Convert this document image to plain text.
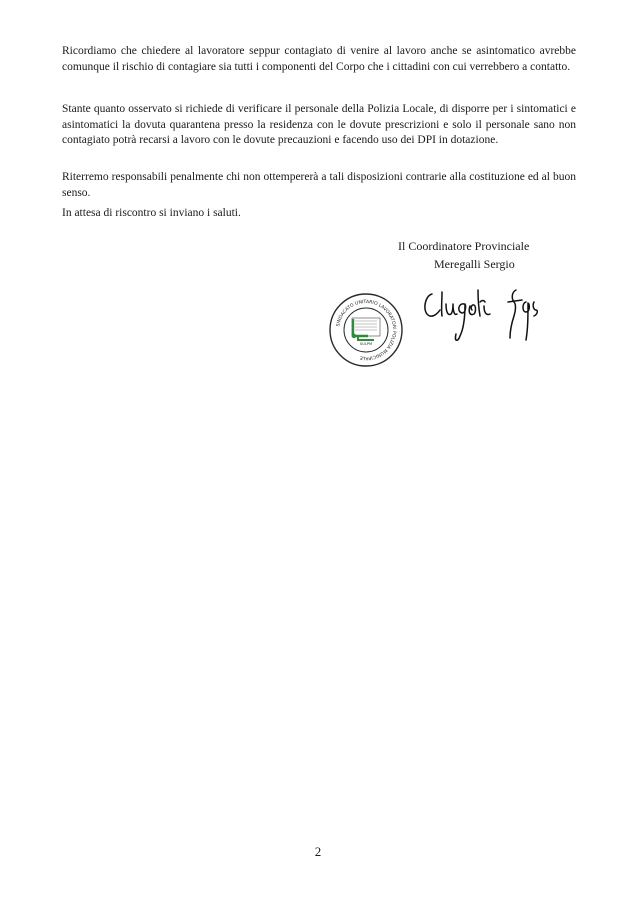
Ricordiamo che chiedere al lavoratore seppur contagiato di venire al lavoro anche se asintomatico avrebbe comunque il rischio di contagiare sia tutti i componenti del Corpo che i cittadini con cui verrebbero a contatto.

Stante quanto osservato si richiede di verificare il personale della Polizia Locale, di disporre per i sintomatici e asintomatici la dovuta quarantena presso la residenza con le dovute prescrizioni e solo il personale sano non contagiato potrà recarsi a lavoro con le dovute precauzioni e facendo uso dei DPI in dotazione.

Riterremo responsabili penalmente chi non ottempererà a tali disposizioni contrarie alla costituzione ed al buon senso.

In attesa di riscontro si inviano i saluti.

Il Coordinatore Provinciale

Meregalli Sergio

SINDACATO UNITARIO LAVORATORI POLIZIA MUNICIPALE
SULPM

2
